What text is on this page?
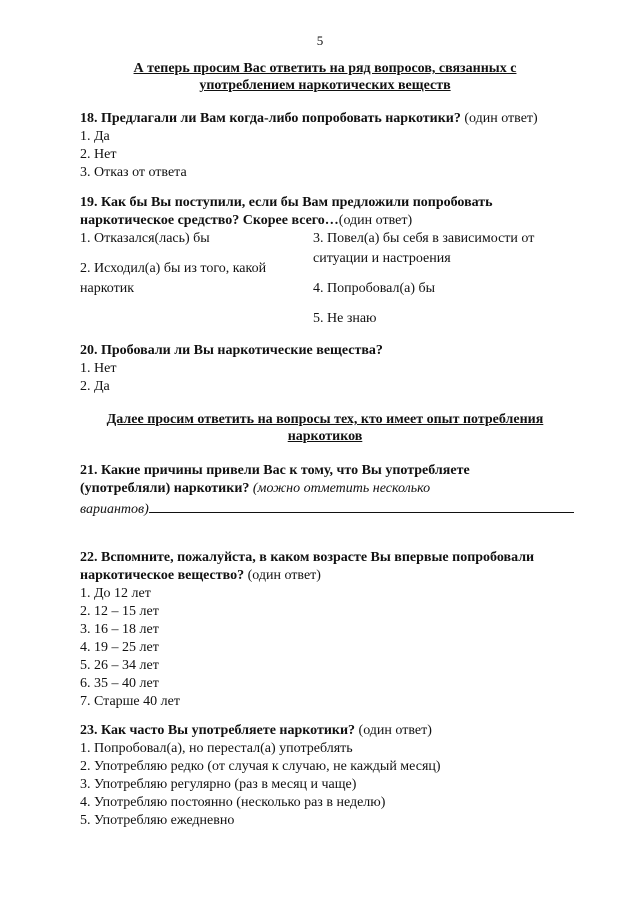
5
А теперь просим Вас ответить на ряд вопросов, связанных с
употреблением наркотических веществ
18. Предлагали ли Вам когда-либо попробовать наркотики? (один ответ)
1. Да
2. Нет
3. Отказ от ответа
19. Как бы Вы поступили, если бы Вам предложили попробовать
наркотическое средство? Скорее всего…(один ответ)
1. Отказался(лась) бы
2. Исходил(а) бы из того, какой
наркотик
3. Повел(а) бы себя в зависимости от
ситуации и настроения
4. Попробовал(а) бы
5. Не знаю
20. Пробовали ли Вы наркотические вещества?
1. Нет
2. Да
Далее просим ответить на вопросы тех, кто имеет опыт потребления
наркотиков
21. Какие причины привели Вас к тому, что Вы употребляете
(употребляли) наркотики? (можно отметить несколько
вариантов)
22. Вспомните, пожалуйста, в каком возрасте Вы впервые попробовали
наркотическое вещество? (один ответ)
1. До 12 лет
2. 12 – 15 лет
3. 16 – 18 лет
4. 19 – 25 лет
5. 26 – 34 лет
6. 35 – 40 лет
7. Старше 40 лет
23. Как часто Вы употребляете наркотики? (один ответ)
1. Попробовал(а), но перестал(а) употреблять
2. Употребляю редко (от случая к случаю, не каждый месяц)
3. Употребляю регулярно (раз в месяц и чаще)
4. Употребляю постоянно (несколько раз в неделю)
5. Употребляю ежедневно
